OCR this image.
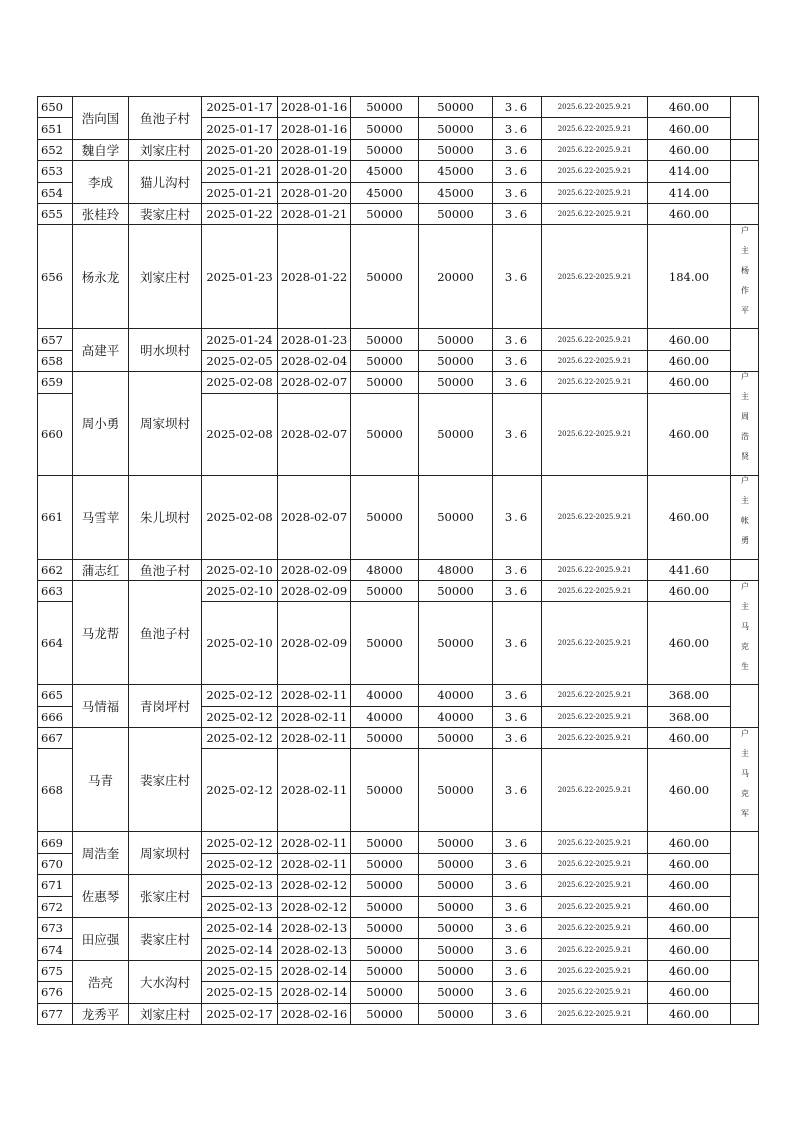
650	浩向国	鱼池子村	2025-01-17	2028-01-16	50000	50000	3.6	2025.6.22-2025.9.21	460.00	
651			2025-01-17	2028-01-16	50000	50000	3.6	2025.6.22-2025.9.21	460.00	
652	魏自学	刘家庄村	2025-01-20	2028-01-19	50000	50000	3.6	2025.6.22-2025.9.21	460.00	
653	李成	猫儿沟村	2025-01-21	2028-01-20	45000	45000	3.6	2025.6.22-2025.9.21	414.00	
654			2025-01-21	2028-01-20	45000	45000	3.6	2025.6.22-2025.9.21	414.00	
655	张桂玲	裴家庄村	2025-01-22	2028-01-21	50000	50000	3.6	2025.6.22-2025.9.21	460.00	
656	杨永龙	刘家庄村	2025-01-23	2028-01-22	50000	20000	3.6	2025.6.22-2025.9.21	184.00	户主杨作平
657	高建平	明水坝村	2025-01-24	2028-01-23	50000	50000	3.6	2025.6.22-2025.9.21	460.00	
658			2025-02-05	2028-02-04	50000	50000	3.6	2025.6.22-2025.9.21	460.00	
659	周小勇	周家坝村	2025-02-08	2028-02-07	50000	50000	3.6	2025.6.22-2025.9.21	460.00	户主周浩贤
660			2025-02-08	2028-02-07	50000	50000	3.6	2025.6.22-2025.9.21	460.00	
661	马雪苹	朱儿坝村	2025-02-08	2028-02-07	50000	50000	3.6	2025.6.22-2025.9.21	460.00	户主帐勇
662	蒲志红	鱼池子村	2025-02-10	2028-02-09	48000	48000	3.6	2025.6.22-2025.9.21	441.60	
663	马龙帮	鱼池子村	2025-02-10	2028-02-09	50000	50000	3.6	2025.6.22-2025.9.21	460.00	户主马克生
664			2025-02-10	2028-02-09	50000	50000	3.6	2025.6.22-2025.9.21	460.00	
665	马情福	青岗坪村	2025-02-12	2028-02-11	40000	40000	3.6	2025.6.22-2025.9.21	368.00	
666			2025-02-12	2028-02-11	40000	40000	3.6	2025.6.22-2025.9.21	368.00	
667	马青	裴家庄村	2025-02-12	2028-02-11	50000	50000	3.6	2025.6.22-2025.9.21	460.00	户主马克军
668			2025-02-12	2028-02-11	50000	50000	3.6	2025.6.22-2025.9.21	460.00	
669	周浩奎	周家坝村	2025-02-12	2028-02-11	50000	50000	3.6	2025.6.22-2025.9.21	460.00	
670			2025-02-12	2028-02-11	50000	50000	3.6	2025.6.22-2025.9.21	460.00	
671	佐惠琴	张家庄村	2025-02-13	2028-02-12	50000	50000	3.6	2025.6.22-2025.9.21	460.00	
672			2025-02-13	2028-02-12	50000	50000	3.6	2025.6.22-2025.9.21	460.00	
673	田应强	裴家庄村	2025-02-14	2028-02-13	50000	50000	3.6	2025.6.22-2025.9.21	460.00	
674			2025-02-14	2028-02-13	50000	50000	3.6	2025.6.22-2025.9.21	460.00	
675	浩亮	大水沟村	2025-02-15	2028-02-14	50000	50000	3.6	2025.6.22-2025.9.21	460.00	
676			2025-02-15	2028-02-14	50000	50000	3.6	2025.6.22-2025.9.21	460.00	
677	龙秀平	刘家庄村	2025-02-17	2028-02-16	50000	50000	3.6	2025.6.22-2025.9.21	460.00	
